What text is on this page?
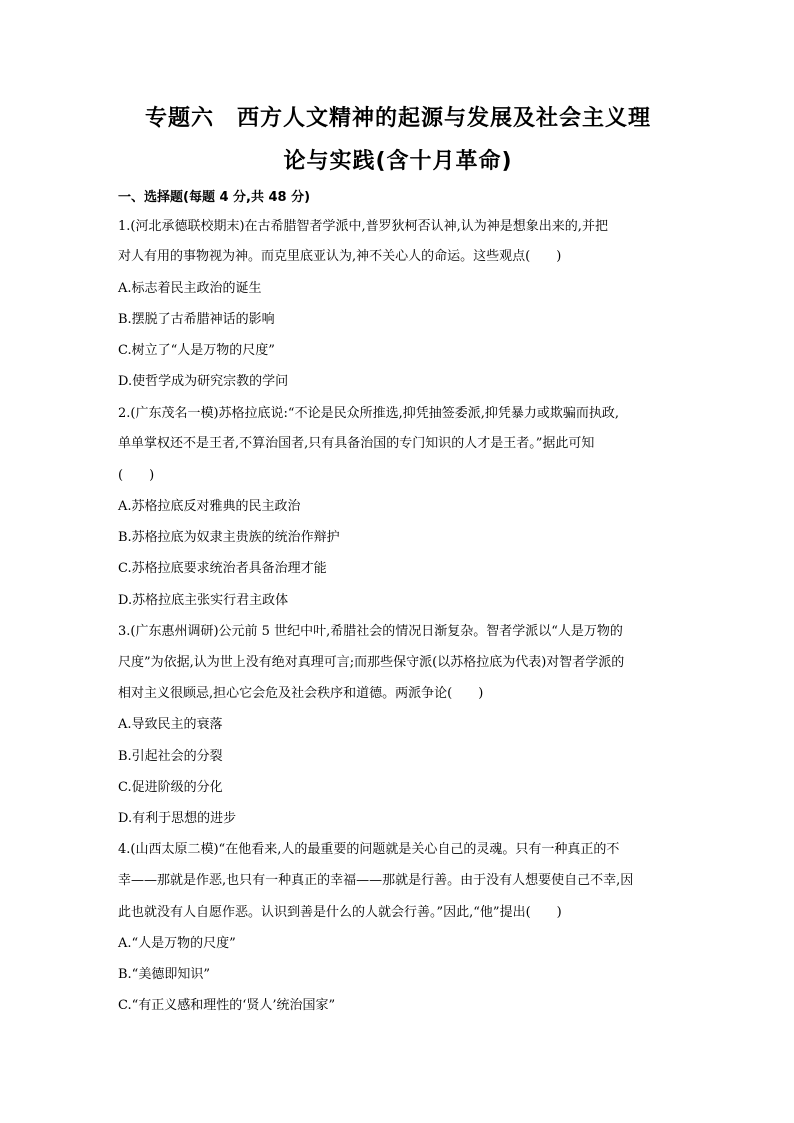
专题六　西方人文精神的起源与发展及社会主义理
论与实践(含十月革命)
一、选择题(每题 4 分,共 48 分)
1.(河北承德联校期末)在古希腊智者学派中,普罗狄柯否认神,认为神是想象出来的,并把
对人有用的事物视为神。而克里底亚认为,神不关心人的命运。这些观点(　　)
A.标志着民主政治的诞生
B.摆脱了古希腊神话的影响
C.树立了“人是万物的尺度”
D.使哲学成为研究宗教的学问
2.(广东茂名一模)苏格拉底说:“不论是民众所推选,抑凭抽签委派,抑凭暴力或欺骗而执政,
单单掌权还不是王者,不算治国者,只有具备治国的专门知识的人才是王者。”据此可知
(　　)
A.苏格拉底反对雅典的民主政治
B.苏格拉底为奴隶主贵族的统治作辩护
C.苏格拉底要求统治者具备治理才能
D.苏格拉底主张实行君主政体
3.(广东惠州调研)公元前 5 世纪中叶,希腊社会的情况日渐复杂。智者学派以“人是万物的
尺度”为依据,认为世上没有绝对真理可言;而那些保守派(以苏格拉底为代表)对智者学派的
相对主义很顾忌,担心它会危及社会秩序和道德。两派争论(　　)
A.导致民主的衰落
B.引起社会的分裂
C.促进阶级的分化
D.有利于思想的进步
4.(山西太原二模)“在他看来,人的最重要的问题就是关心自己的灵魂。只有一种真正的不
幸——那就是作恶,也只有一种真正的幸福——那就是行善。由于没有人想要使自己不幸,因
此也就没有人自愿作恶。认识到善是什么的人就会行善。”因此,“他”提出(　　)
A.“人是万物的尺度”
B.“美德即知识”
C.“有正义感和理性的‘贤人’统治国家”
